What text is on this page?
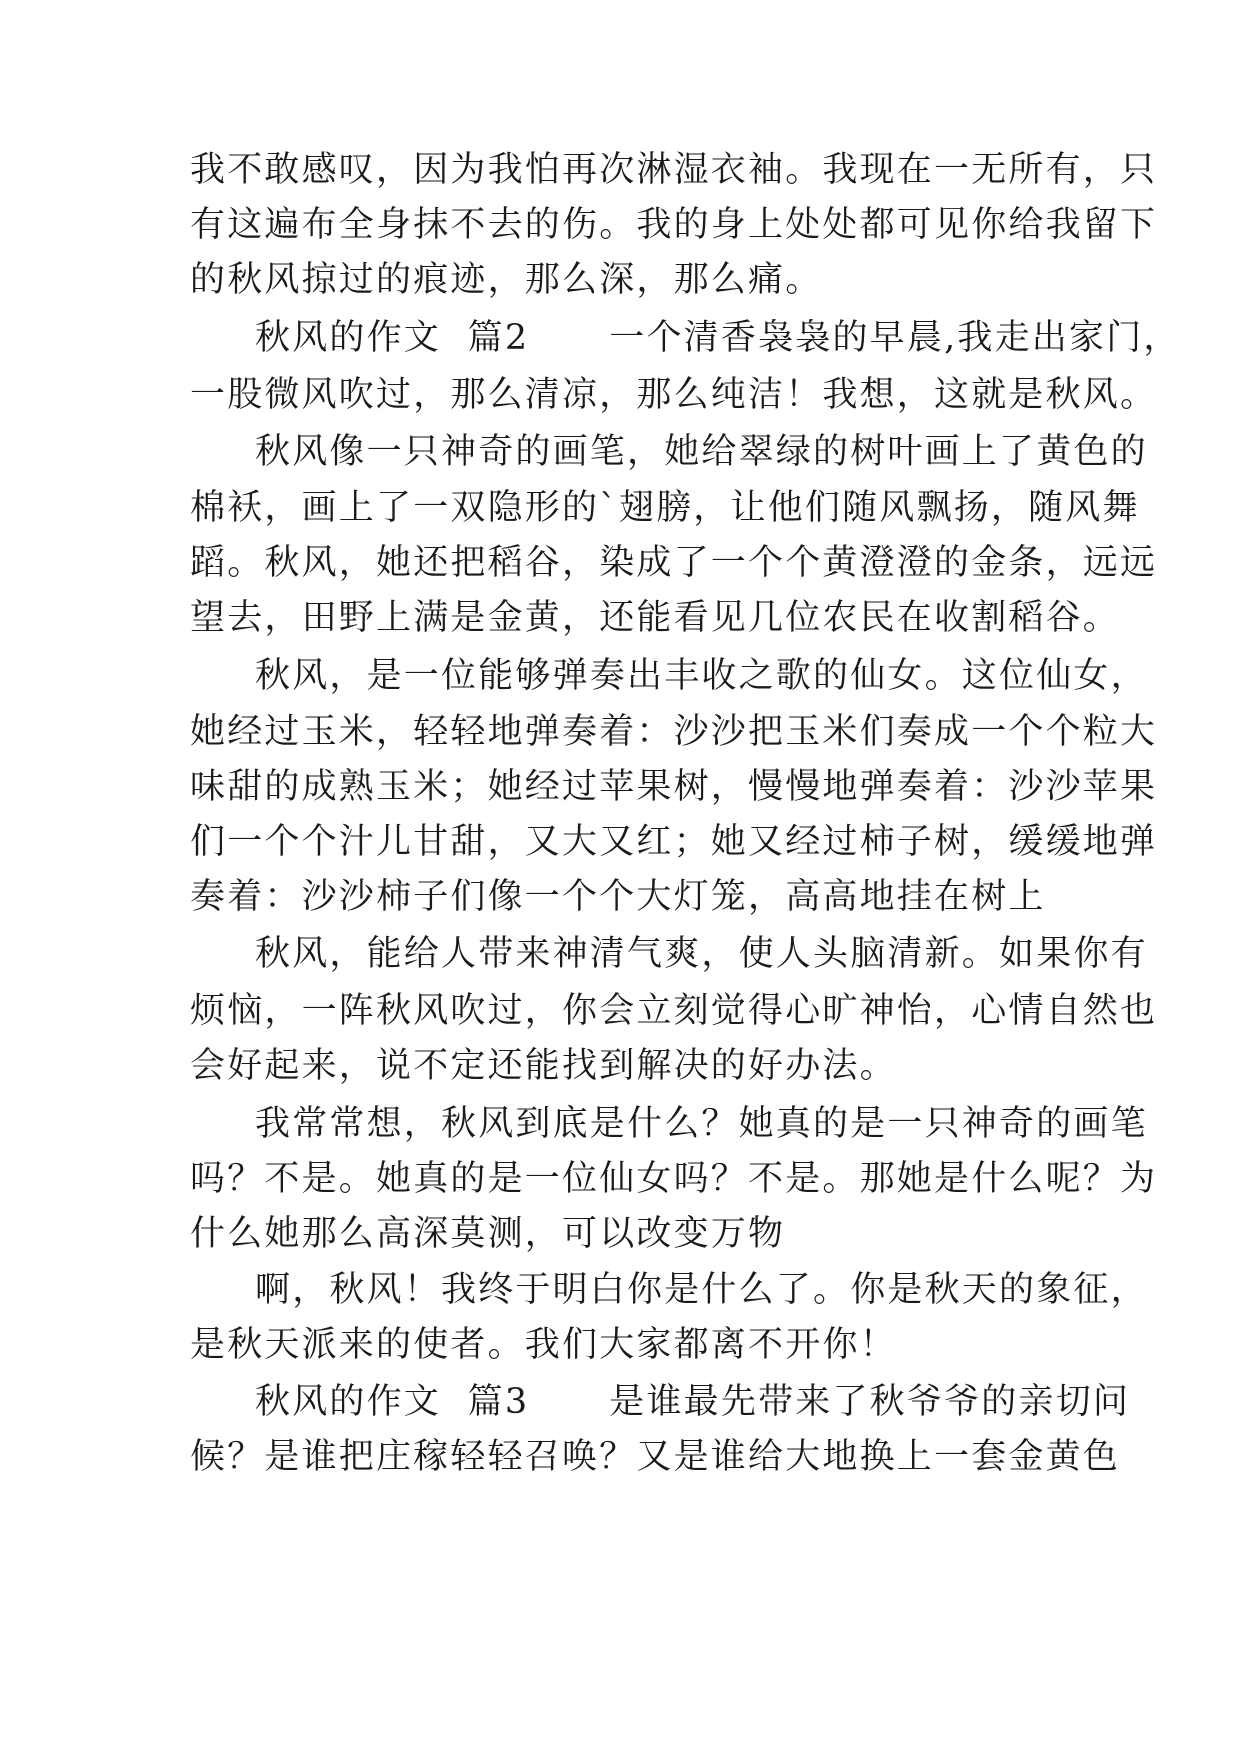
我不敢感叹，因为我怕再次淋湿衣袖。我现在一无所有，只

有这遍布全身抹不去的伤。我的身上处处都可见你给我留下

的秋风掠过的痕迹，那么深，那么痛。

秋风的作文  篇2      一个清香袅袅的早晨,我走出家门，

一股微风吹过，那么清凉，那么纯洁！我想，这就是秋风。

秋风像一只神奇的画笔，她给翠绿的树叶画上了黄色的

棉袄，画上了一双隐形的`翅膀，让他们随风飘扬，随风舞

蹈。秋风，她还把稻谷，染成了一个个黄澄澄的金条，远远

望去，田野上满是金黄，还能看见几位农民在收割稻谷。

秋风，是一位能够弹奏出丰收之歌的仙女。这位仙女，

她经过玉米，轻轻地弹奏着：沙沙把玉米们奏成一个个粒大

味甜的成熟玉米；她经过苹果树，慢慢地弹奏着：沙沙苹果

们一个个汁儿甘甜，又大又红；她又经过柿子树，缓缓地弹

奏着：沙沙柿子们像一个个大灯笼，高高地挂在树上

秋风，能给人带来神清气爽，使人头脑清新。如果你有

烦恼，一阵秋风吹过，你会立刻觉得心旷神怡，心情自然也

会好起来，说不定还能找到解决的好办法。

我常常想，秋风到底是什么？她真的是一只神奇的画笔

吗？不是。她真的是一位仙女吗？不是。那她是什么呢？为

什么她那么高深莫测，可以改变万物

啊，秋风！我终于明白你是什么了。你是秋天的象征，

是秋天派来的使者。我们大家都离不开你！

秋风的作文  篇3      是谁最先带来了秋爷爷的亲切问

候？是谁把庄稼轻轻召唤？又是谁给大地换上一套金黄色
